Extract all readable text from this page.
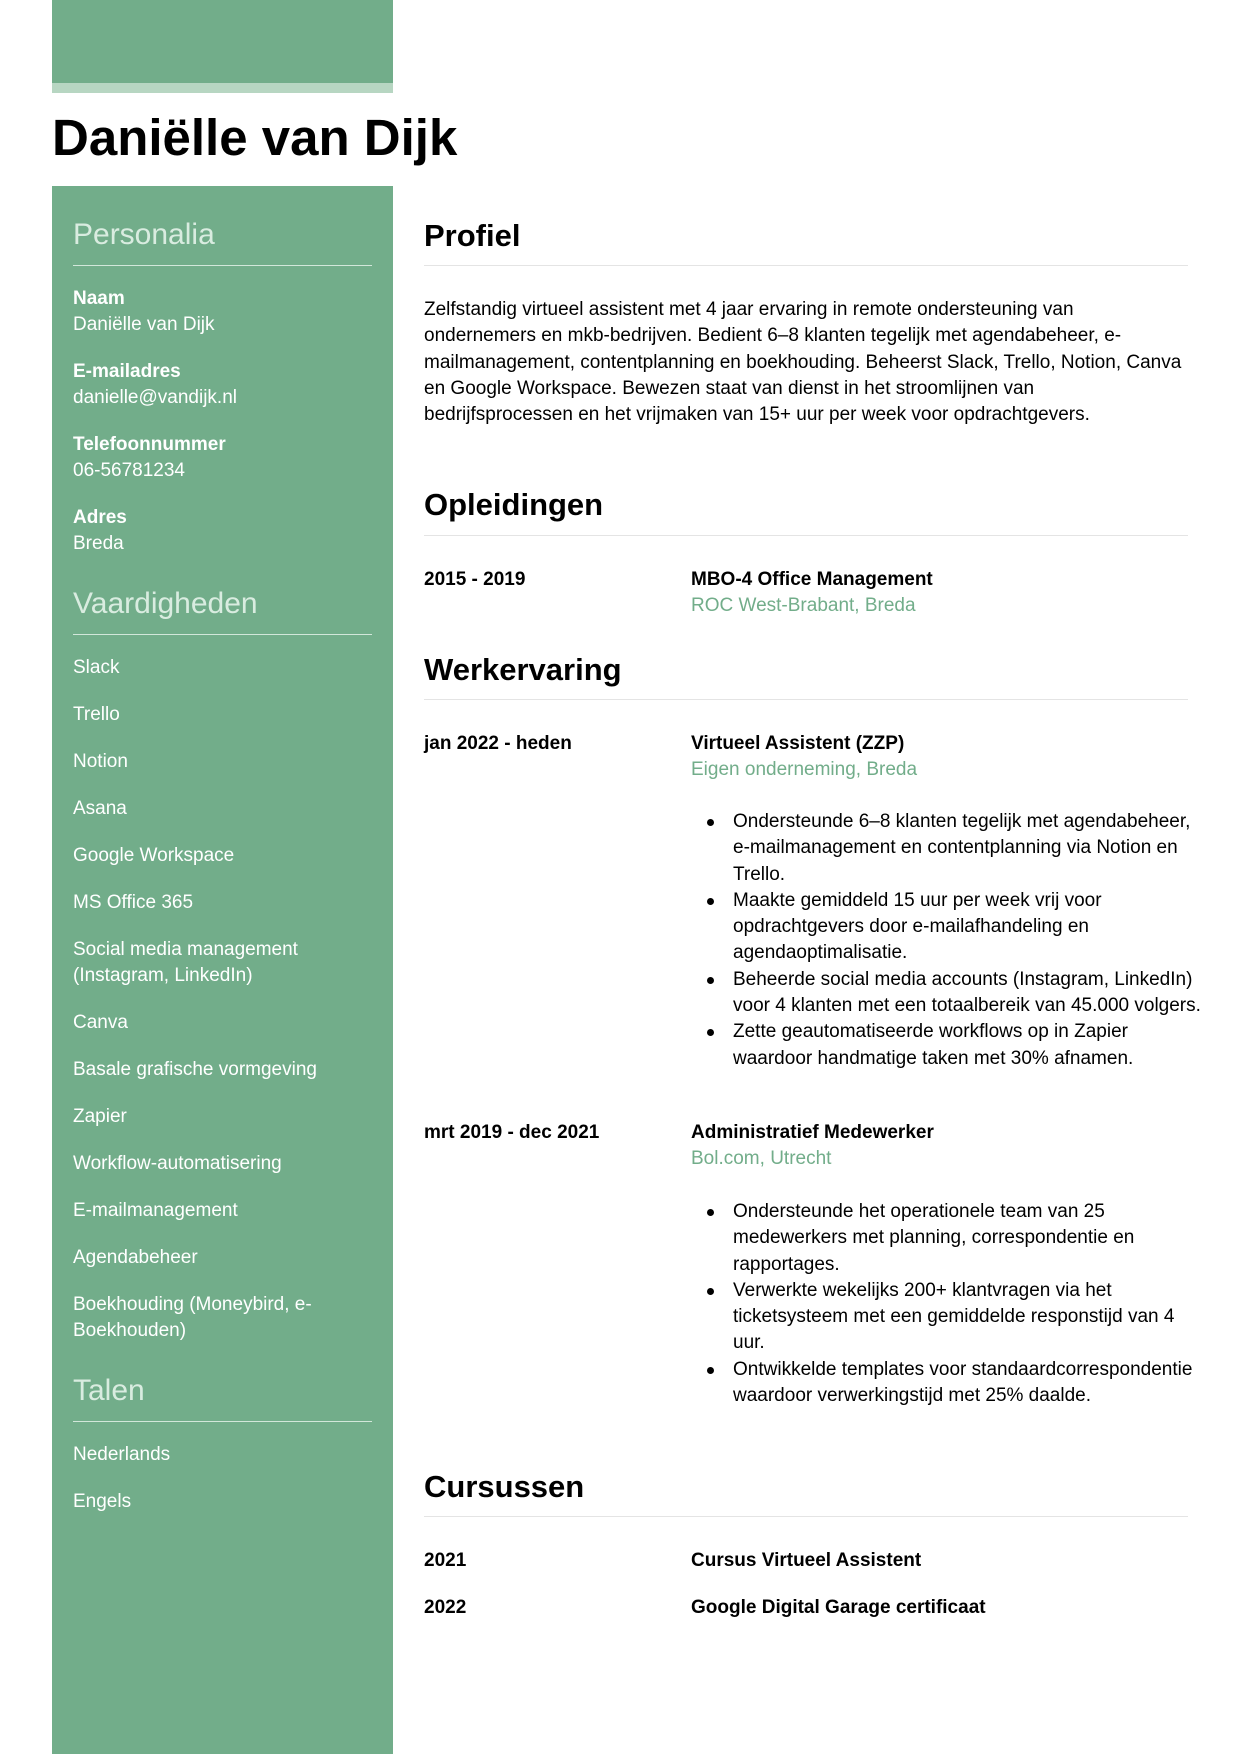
Daniëlle van Dijk
Personalia
Naam
Daniëlle van Dijk
E-mailadres
danielle@vandijk.nl
Telefoonnummer
06-56781234
Adres
Breda
Vaardigheden
Slack
Trello
Notion
Asana
Google Workspace
MS Office 365
Social media management (Instagram, LinkedIn)
Canva
Basale grafische vormgeving
Zapier
Workflow-automatisering
E-mailmanagement
Agendabeheer
Boekhouding (Moneybird, e-Boekhouden)
Talen
Nederlands
Engels
Profiel

Zelfstandig virtueel assistent met 4 jaar ervaring in remote ondersteuning van ondernemers en mkb-bedrijven. Bedient 6–8 klanten tegelijk met agendabeheer, e-mailmanagement, contentplanning en boekhouding. Beheerst Slack, Trello, Notion, Canva en Google Workspace. Bewezen staat van dienst in het stroomlijnen van bedrijfsprocessen en het vrijmaken van 15+ uur per week voor opdrachtgevers.

Opleidingen
2015 - 2019	MBO-4 Office Management
ROC West-Brabant, Breda
Werkervaring
jan 2022 - heden	Virtueel Assistent (ZZP)
Eigen onderneming, Breda
Ondersteunde 6–8 klanten tegelijk met agendabeheer, e-mailmanagement en contentplanning via Notion en Trello.
Maakte gemiddeld 15 uur per week vrij voor opdrachtgevers door e-mailafhandeling en agendaoptimalisatie.
Beheerde social media accounts (Instagram, LinkedIn) voor 4 klanten met een totaalbereik van 45.000 volgers.
Zette geautomatiseerde workflows op in Zapier waardoor handmatige taken met 30% afnamen.
mrt 2019 - dec 2021	Administratief Medewerker
Bol.com, Utrecht
Ondersteunde het operationele team van 25 medewerkers met planning, correspondentie en rapportages.
Verwerkte wekelijks 200+ klantvragen via het ticketsysteem met een gemiddelde responstijd van 4 uur.
Ontwikkelde templates voor standaardcorrespondentie waardoor verwerkingstijd met 25% daalde.
Cursussen
2021	Cursus Virtueel Assistent
2022	Google Digital Garage certificaat
